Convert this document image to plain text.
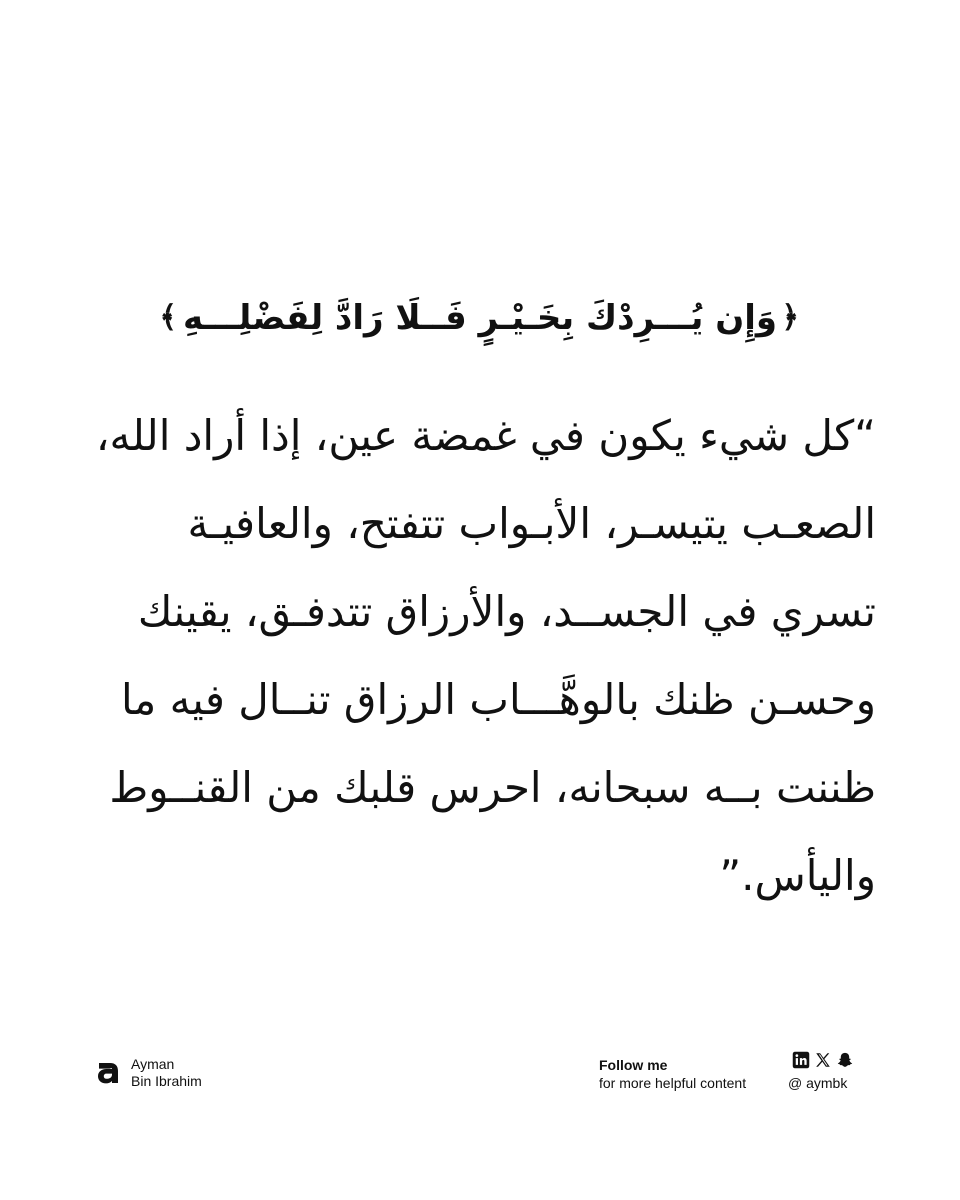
﴿
وَإِن يُـــرِدْكَ بِخَـيْـرٍ فَــلَا رَادَّ لِفَضْلِـــهِ
﴾
“كل شيء يكون في غمضة عين، إذا أراد الله،
الصعـب يتيسـر، الأبـواب تتفتح، والعافيـة
تسري في الجســد، والأرزاق تتدفـق، يقينك
وحسـن ظنك بالوهَّـــاب الرزاق تنــال فيه ما
ظننت بــه سبحانه، احرس قلبك من القنــوط
واليأس.”
Ayman
Bin Ibrahim
Follow me
for more helpful content	@ aymbk
